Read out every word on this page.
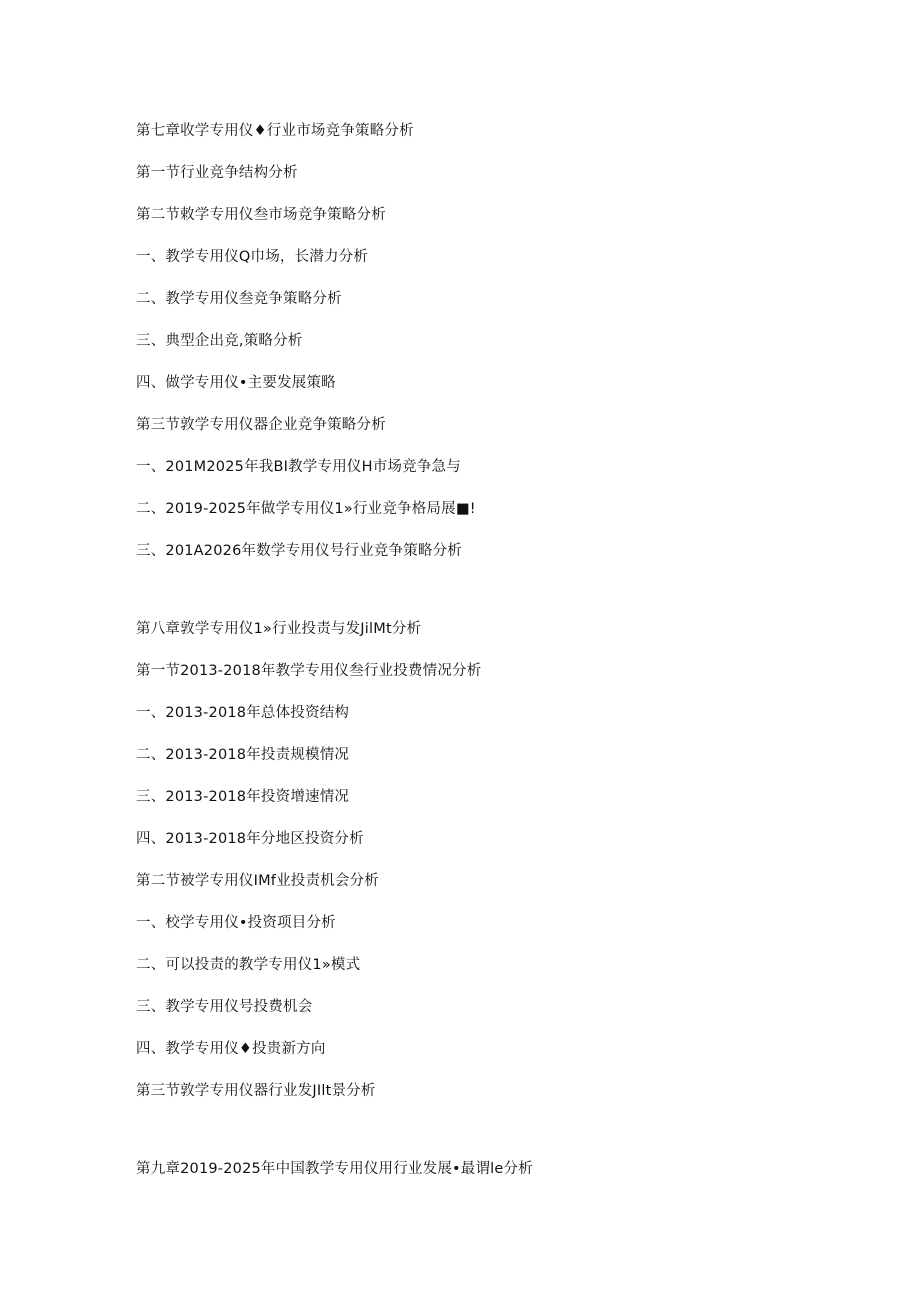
第七章收学专用仪♦行业市场竞争策略分析
第一节行业竞争结构分析
第二节敕学专用仪叁市场竞争策略分析
一、教学专用仪Q巾场，长潜力分析
二、教学专用仪叁竞争策略分析
三、典型企出竞,策略分析
四、做学专用仪•主要发展策略
第三节敦学专用仪器企业竞争策略分析
一、201M2025年我BI教学专用仪H市场竞争急与
二、2019-2025年做学专用仪1»行业竞争格局展■!
三、201A2026年数学专用仪号行业竞争策略分析
第八章敦学专用仪1»行业投责与发JilMt分析
第一节2013-2018年教学专用仪叁行业投费情况分析
一、2013-2018年总体投资结构
二、2013-2018年投责规模情况
三、2013-2018年投资增速情况
四、2013-2018年分地区投资分析
第二节被学专用仪IMf业投责机会分析
一、校学专用仪•投资项目分析
二、可以投责的教学专用仪1»模式
三、教学专用仪号投费机会
四、教学专用仪♦投贵新方向
第三节敦学专用仪器行业发JIlt景分析
第九章2019-2025年中国教学专用仪用行业发展•最谓le分析
